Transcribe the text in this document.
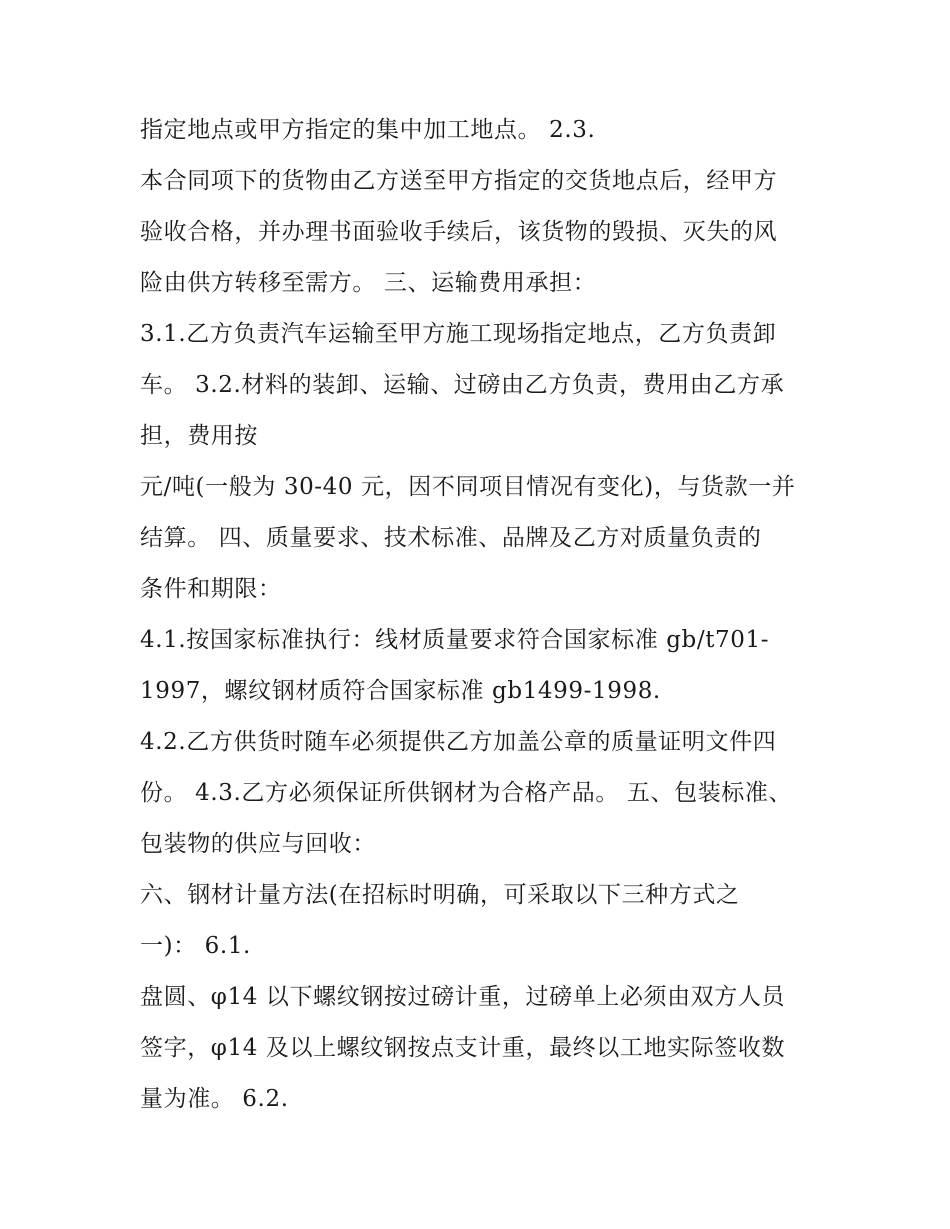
指定地点或甲方指定的集中加工地点。 2.3.
本合同项下的货物由乙方送至甲方指定的交货地点后，经甲方
验收合格，并办理书面验收手续后，该货物的毁损、灭失的风
险由供方转移至需方。 三、运输费用承担：
3.1.乙方负责汽车运输至甲方施工现场指定地点，乙方负责卸
车。 3.2.材料的装卸、运输、过磅由乙方负责，费用由乙方承
担，费用按
元/吨(一般为 30-40 元，因不同项目情况有变化)，与货款一并
结算。 四、质量要求、技术标准、品牌及乙方对质量负责的
条件和期限：
4.1.按国家标准执行：线材质量要求符合国家标准 gb/t701-
1997，螺纹钢材质符合国家标准 gb1499-1998.
4.2.乙方供货时随车必须提供乙方加盖公章的质量证明文件四
份。 4.3.乙方必须保证所供钢材为合格产品。 五、包装标准、
包装物的供应与回收：
六、钢材计量方法(在招标时明确，可采取以下三种方式之
一)： 6.1.
盘圆、φ14 以下螺纹钢按过磅计重，过磅单上必须由双方人员
签字，φ14 及以上螺纹钢按点支计重，最终以工地实际签收数
量为准。 6.2.
